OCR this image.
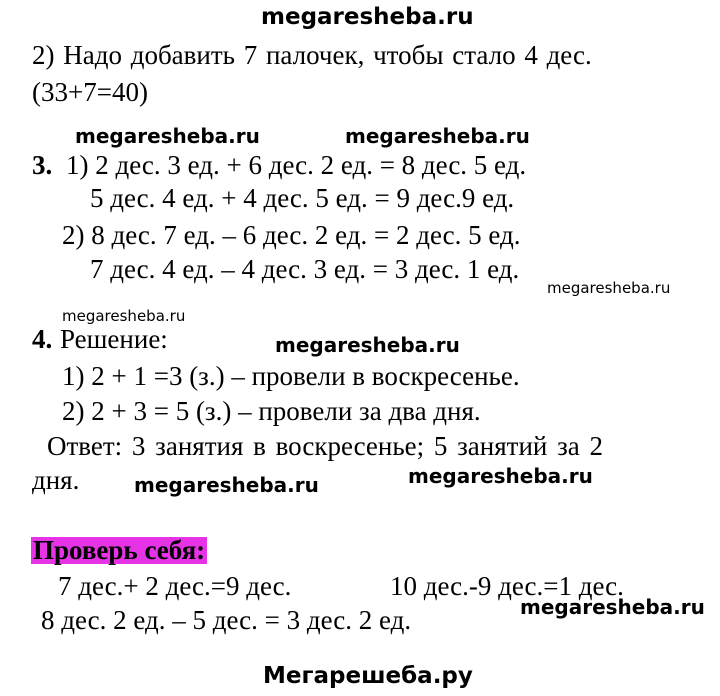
megaresheba.ru
2) Надо добавить 7 палочек, чтобы стало 4 дес.
(33+7=40)
megaresheba.ru	megaresheba.ru
3. 1) 2 дес. 3 ед. + 6 дес. 2 ед. = 8 дес. 5 ед.
5 дес. 4 ед. + 4 дес. 5 ед. = 9 дес.9 ед.
2) 8 дес. 7 ед. – 6 дес. 2 ед. = 2 дес. 5 ед.
7 дес. 4 ед. – 4 дес. 3 ед. = 3 дес. 1 ед.
megaresheba.ru
megaresheba.ru
4. Решение:	megaresheba.ru
1) 2 + 1 =3 (з.) – провели в воскресенье.
2) 2 + 3 = 5 (з.) – провели за два дня.
Ответ: 3 занятия в воскресенье; 5 занятий за 2
дня.	megaresheba.ru	megaresheba.ru
Проверь себя:
7 дес.+ 2 дес.=9 дес.	10 дес.-9 дес.=1 дес.
megaresheba.ru
8 дес. 2 ед. – 5 дес. = 3 дес. 2 ед.
Мегарешеба.ру
